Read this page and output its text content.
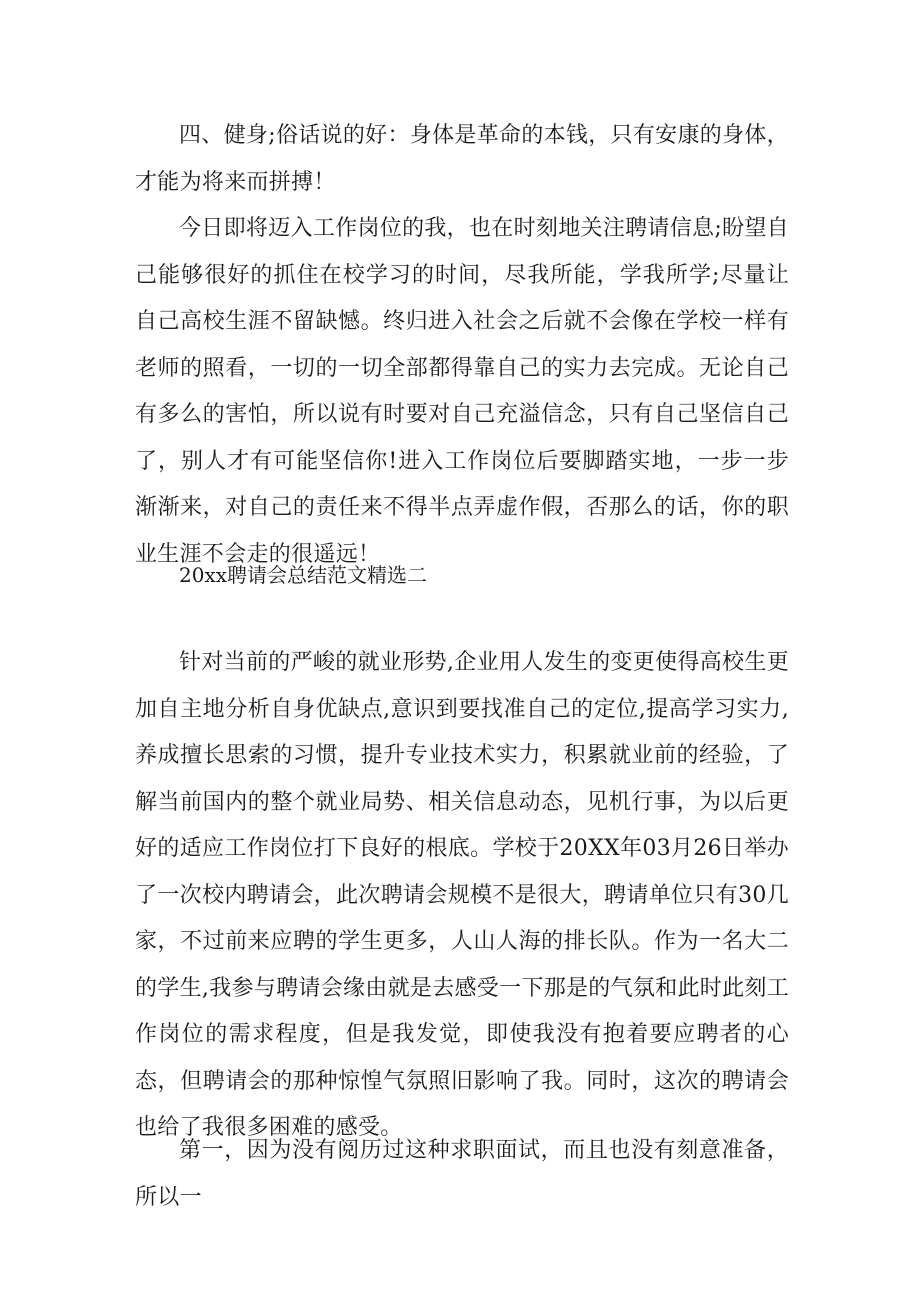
四、健身;俗话说的好：身体是革命的本钱，只有安康的身体，才能为将来而拼搏！

今日即将迈入工作岗位的我，也在时刻地关注聘请信息;盼望自己能够很好的抓住在校学习的时间，尽我所能，学我所学;尽量让自己高校生涯不留缺憾。终归进入社会之后就不会像在学校一样有老师的照看，一切的一切全部都得靠自己的实力去完成。无论自己有多么的害怕，所以说有时要对自己充溢信念，只有自己坚信自己了，别人才有可能坚信你!进入工作岗位后要脚踏实地，一步一步渐渐来，对自己的责任来不得半点弄虚作假，否那么的话，你的职业生涯不会走的很遥远！

20xx聘请会总结范文精选二

针对当前的严峻的就业形势,企业用人发生的变更使得高校生更加自主地分析自身优缺点,意识到要找准自己的定位,提高学习实力,养成擅长思索的习惯，提升专业技术实力，积累就业前的经验，了解当前国内的整个就业局势、相关信息动态，见机行事，为以后更好的适应工作岗位打下良好的根底。学校于20XX年03月26日举办了一次校内聘请会，此次聘请会规模不是很大，聘请单位只有30几家，不过前来应聘的学生更多，人山人海的排长队。作为一名大二的学生,我参与聘请会缘由就是去感受一下那是的气氛和此时此刻工作岗位的需求程度，但是我发觉，即使我没有抱着要应聘者的心态，但聘请会的那种惊惶气氛照旧影响了我。同时，这次的聘请会也给了我很多困难的感受。

第一，因为没有阅历过这种求职面试，而且也没有刻意准备，所以一
